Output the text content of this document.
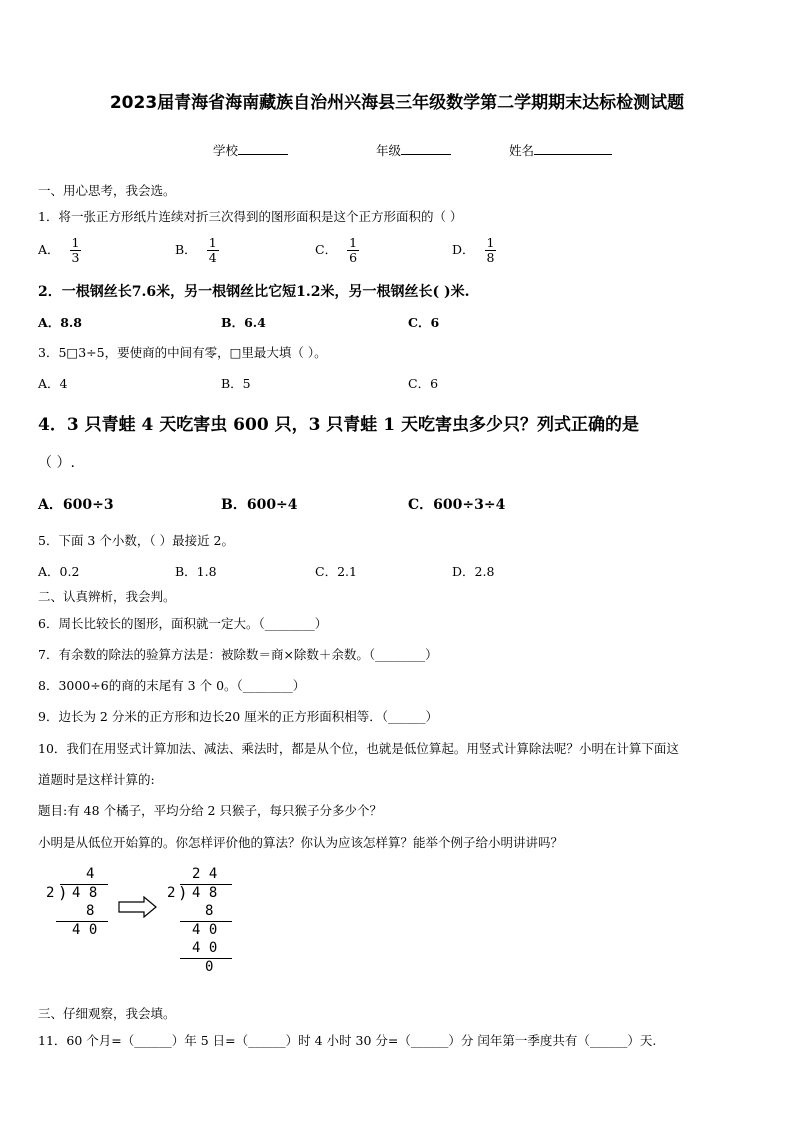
2023届青海省海南藏族自治州兴海县三年级数学第二学期期末达标检测试题
学校	年级	姓名
一、用心思考，我会选。
1．将一张正方形纸片连续对折三次得到的图形面积是这个正方形面积的（ ）
A． $\frac{1}{3}$	B． $\frac{1}{4}$	C． $\frac{1}{6}$	D． $\frac{1}{8}$
2．一根钢丝长7.6米，另一根钢丝比它短1.2米，另一根钢丝长( )米.
A．8.8	B．6.4	C．6
3．5□3÷5，要使商的中间有零，□里最大填（ ）。
A．4	B．5	C．6
4．3 只青蛙 4 天吃害虫 600 只，3 只青蛙 1 天吃害虫多少只？列式正确的是
（ ）.
A．600÷3	B．600÷4	C．600÷3÷4
5．下面 3 个小数，（ ）最接近 2。
A．0.2	B．1.8	C．2.1	D．2.8
二、认真辨析，我会判。
6．周长比较长的图形，面积就一定大。（________）
7．有余数的除法的验算方法是：被除数＝商×除数＋余数。（________）
8．3000÷6的商的末尾有 3 个 0。（________）
9．边长为 2 分米的正方形和边长20 厘米的正方形面积相等．（______）
10．我们在用竖式计算加法、减法、乘法时，都是从个位，也就是低位算起。用竖式计算除法呢？小明在计算下面这
道题时是这样计算的:
题目:有 48 个橘子，平均分给 2 只猴子，每只猴子分多少个？
小明是从低位开始算的。你怎样评价他的算法？你认为应该怎样算？能举个例子给小明讲讲吗？
4
2 ) 4 8
8
4 0
2 4
2 ) 4 8
8
4 0
4 0
0
三、仔细观察，我会填。
11．60 个月=（______）年 5 日=（______）时 4 小时 30 分=（______）分 闰年第一季度共有（______）天.
